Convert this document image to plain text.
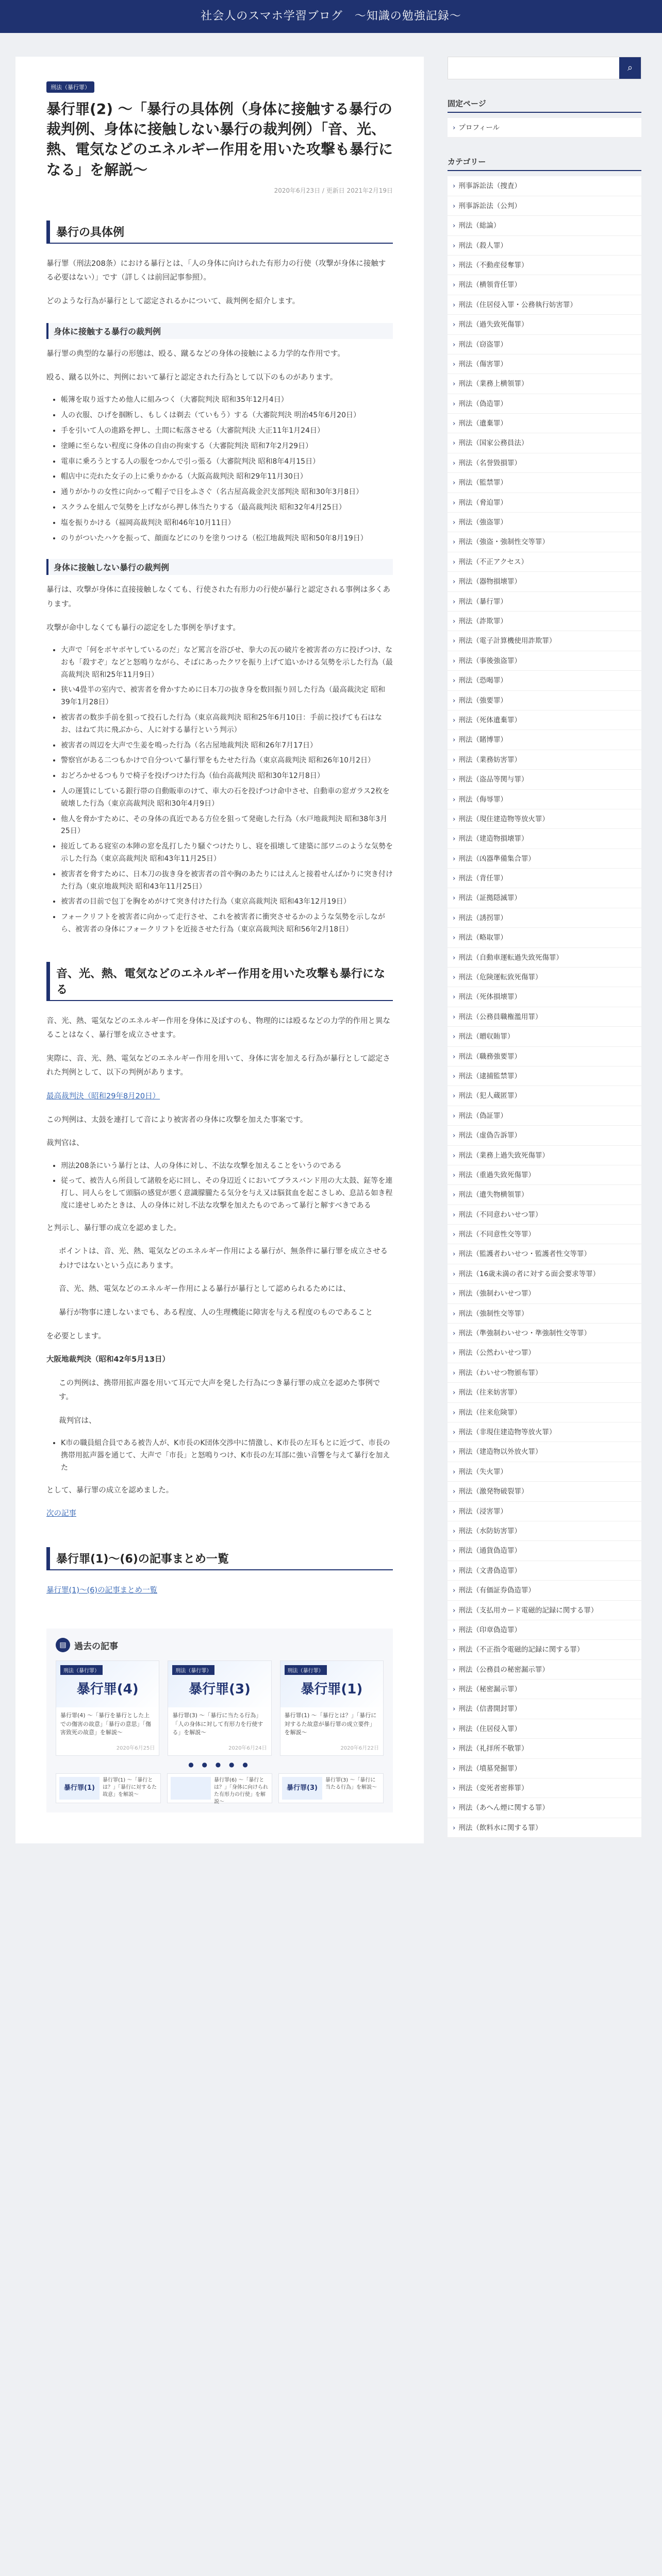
社会人のスマホ学習ブログ　〜知識の勉強記録〜
刑法（暴行罪）
暴行罪(2) 〜「暴行の具体例（身体に接触する暴行の裁判例、身体に接触しない暴行の裁判例）「音、光、熱、電気などのエネルギー作用を用いた攻撃も暴行になる」を解説〜
2020年6月23日 / 更新日 2021年2月19日
暴行の具体例

暴行罪（刑法208条）における暴行とは、「人の身体に向けられた有形力の行使（攻撃が身体に接触する必要はない）」です（詳しくは前回記事参照）。

どのような行為が暴行として認定されるかについて、裁判例を紹介します。

身体に接触する暴行の裁判例

暴行罪の典型的な暴行の形態は、殴る、蹴るなどの身体の接触による力学的な作用です。

殴る、蹴る以外に、判例において暴行と認定された行為として以下のものがあります。

• 帳簿を取り返すため他人に組みつく（大審院判決 昭和35年12月4日）
• 人の衣服、ひげを掴断し、もしくは剃去（ていもう）する（大審院判決 明治45年6月20日）
• 手を引いて人の進路を押し、土間に転落させる（大審院判決 大正11年1月24日）
• 塗睡に至らない程度に身体の自由の拘束する（大審院判決 昭和7年2月29日）
• 電車に乗ろうとする人の服をつかんで引っ張る（大審院判決 昭和8年4月15日）
• 帽店中に売れた女子の上に乗りかかる（大阪高裁判決 昭和29年11月30日）
• 通りがかりの女性に向かって帽子で日をふさぐ（名古屋高裁金沢支部判決 昭和30年3月8日）
• スクラムを組んで気勢を上げながら押し体当たりする（最高裁判決 昭和32年4月25日）
• 塩を振りかける（福岡高裁判決 昭和46年10月11日）
• のりがついたハケを振って、顔面などにのりを塗りつける（松江地裁判決 昭和50年8月19日）
身体に接触しない暴行の裁判例

暴行は、攻撃が身体に直接接触しなくても、行使された有形力の行使が暴行と認定される事例は多くあります。

攻撃が命中しなくても暴行の認定をした事例を挙げます。

• 大声で「何をボヤボヤしているのだ」など罵言を浴びせ、拳大の瓦の破片を被害者の方に投げつけ、なおも「殺すぞ」などと怒鳴りながら、そばにあったクワを振り上げて追いかける気勢を示した行為（最高裁判決 昭和25年11月9日）
• 狭い4畳半の室内で、被害者を脅かすために日本刀の抜き身を数回振り回した行為（最高裁決定 昭和39年1月28日）
• 被害者の数歩手前を狙って投石した行為（東京高裁判決 昭和25年6月10日：手前に投げても石はなお、はねて共に飛ぶから、人に対する暴行という判示）
• 被害者の周辺を大声で生姜を鳴った行為（名古屋地裁判決 昭和26年7月17日）
• 警察官がある二つもかけで自分ついて暴行罪をもたせた行為（東京高裁判決 昭和26年10月2日）
• おどろかせるつもりで椅子を投げつけた行為（仙台高裁判決 昭和30年12月8日）
• 人の運賃にしている銀行帯の自動販車のけて、車大の石を投げつけ命中させ、自動車の窓ガラス2枚を破壊した行為（東京高裁判決 昭和30年4月9日）
• 他人を脅かすために、その身体の真近である方位を狙って発砲した行為（水戸地裁判決 昭和38年3月25日）
• 接近してある寝室の本陣の窓を乱打したり騒ぐつけたりし、寝を損壊して建築に部ワニのような気勢を示した行為（東京高裁判決 昭和43年11月25日）
• 被害者を脅すために、日本刀の抜き身を被害者の首や胸のあたりにはえんと接着せんばかりに突き付けた行為（東京地裁判決 昭和43年11月25日）
• 被害者の目前で包丁を胸をめがけて突き付けた行為（東京高裁判決 昭和43年12月19日）
• フォークリフトを被害者に向かって走行させ、これを被害者に衝突させるかのような気勢を示しながら、被害者の身体にフォークリフトを近接させた行為（東京高裁判決 昭和56年2月18日）
音、光、熱、電気などのエネルギー作用を用いた攻撃も暴行になる

音、光、熱、電気などのエネルギー作用を身体に及ぼすのも、物理的には殴るなどの力学的作用と異なることはなく、暴行罪を成立させます。

実際に、音、光、熱、電気などのエネルギー作用を用いて、身体に害を加える行為が暴行として認定された判例として、以下の判例があります。

最高裁判決（昭和29年8月20日）

この判例は、太鼓を連打して音により被害者の身体に攻撃を加えた事案です。

裁判官は、

• 刑法208条にいう暴行とは、人の身体に対し、不法な攻撃を加えることをいうのである
• 従って、被告人ら所員して諸般を応に回し、その身辺近くにおいてブラスバンド用の大太鼓、鉦等を連打し、同人らをして頭脳の感覚が悪く意識朦朧たる気分を与え又は脳貧血を起こさしめ、息詰る如き程度に達せしめたときは、人の身体に対し不法な攻撃を加えたものであって暴行と解すべきである

と判示し、暴行罪の成立を認めました。

ポイントは、音、光、熱、電気などのエネルギー作用による暴行が、無条件に暴行罪を成立させるわけではないという点にあります。

音、光、熱、電気などのエネルギー作用による暴行が暴行として認められるためには、

暴行が物事に達しないまでも、ある程度、人の生理機能に障害を与える程度のものであること

を必要とします。

大阪地裁判決（昭和42年5月13日）

この判例は、携帯用拡声器を用いて耳元で大声を発した行為につき暴行罪の成立を認めた事例です。

裁判官は、

• K市の職員組合員である被告人が、K市長のK団体交渉中に情激し、K市長の左耳もとに近づて、市長の携帯用拡声器を通じて、大声で「市長」と怒鳴りつけ、K市長の左耳部に強い音響を与えて暴行を加えた

として、暴行罪の成立を認めました。

次の記事

暴行罪(1)〜(6)の記事まとめ一覧

暴行罪(1)〜(6)の記事まとめ一覧

▤ 過去の記事
刑法（暴行罪）
暴行罪(4)
暴行罪(4) 〜「暴行を暴行とした上での傷害の故意」「暴行の意思」「傷害致死の故意」を解説〜
2020年6月25日
刑法（暴行罪）
暴行罪(3)
暴行罪(3) 〜「暴行に当たる行為」「人の身体に対して有形力を行使する」を解説〜
2020年6月24日
刑法（暴行罪）
暴行罪(1)
暴行罪(1) 〜「暴行とは？」「暴行に対するた故意が暴行罪の成立要件」を解説〜
2020年6月22日
● ● ● ● ●
暴行罪(1)
暴行罪(1) 〜「暴行とは？」「暴行に対するた故意」を解説〜
暴行罪(6) 〜「暴行とは？」「身体に向けられた有形力の行使」を解説〜
暴行罪(3)
暴行罪(3) 〜「暴行に当たる行為」を解説〜
⌕
固定ページ
› プロフィール
カテゴリー
› 刑事訴訟法（捜査）
› 刑事訴訟法（公判）
› 刑法（総論）
› 刑法（殺人罪）
› 刑法（不動産侵奪罪）
› 刑法（横領背任罪）
› 刑法（住居侵入罪・公務執行妨害罪）
› 刑法（過失致死傷罪）
› 刑法（窃盗罪）
› 刑法（傷害罪）
› 刑法（業務上横領罪）
› 刑法（偽造罪）
› 刑法（遺棄罪）
› 刑法（国家公務員法）
› 刑法（名誉毀損罪）
› 刑法（監禁罪）
› 刑法（脅迫罪）
› 刑法（強盗罪）
› 刑法（強盗・強制性交等罪）
› 刑法（不正アクセス）
› 刑法（器物損壊罪）
› 刑法（暴行罪）
› 刑法（詐欺罪）
› 刑法（電子計算機使用詐欺罪）
› 刑法（事後強盗罪）
› 刑法（恐喝罪）
› 刑法（強要罪）
› 刑法（死体遺棄罪）
› 刑法（賭博罪）
› 刑法（業務妨害罪）
› 刑法（盗品等関与罪）
› 刑法（侮辱罪）
› 刑法（現住建造物等放火罪）
› 刑法（建造物損壊罪）
› 刑法（凶器準備集合罪）
› 刑法（背任罪）
› 刑法（証拠隠滅罪）
› 刑法（誘拐罪）
› 刑法（略取罪）
› 刑法（自動車運転過失致死傷罪）
› 刑法（危険運転致死傷罪）
› 刑法（死体損壊罪）
› 刑法（公務員職権濫用罪）
› 刑法（贈収賄罪）
› 刑法（職務強要罪）
› 刑法（逮捕監禁罪）
› 刑法（犯人蔵匿罪）
› 刑法（偽証罪）
› 刑法（虚偽告訴罪）
› 刑法（業務上過失致死傷罪）
› 刑法（重過失致死傷罪）
› 刑法（遺失物横領罪）
› 刑法（不同意わいせつ罪）
› 刑法（不同意性交等罪）
› 刑法（監護者わいせつ・監護者性交等罪）
› 刑法（16歳未満の者に対する面会要求等罪）
› 刑法（強制わいせつ罪）
› 刑法（強制性交等罪）
› 刑法（準強制わいせつ・準強制性交等罪）
› 刑法（公然わいせつ罪）
› 刑法（わいせつ物頒布罪）
› 刑法（往来妨害罪）
› 刑法（往来危険罪）
› 刑法（非現住建造物等放火罪）
› 刑法（建造物以外放火罪）
› 刑法（失火罪）
› 刑法（激発物破裂罪）
› 刑法（浸害罪）
› 刑法（水防妨害罪）
› 刑法（通貨偽造罪）
› 刑法（文書偽造罪）
› 刑法（有価証券偽造罪）
› 刑法（支払用カード電磁的記録に関する罪）
› 刑法（印章偽造罪）
› 刑法（不正指令電磁的記録に関する罪）
› 刑法（公務員の秘密漏示罪）
› 刑法（秘密漏示罪）
› 刑法（信書開封罪）
› 刑法（住居侵入罪）
› 刑法（礼拝所不敬罪）
› 刑法（墳墓発掘罪）
› 刑法（変死者密葬罪）
› 刑法（あへん煙に関する罪）
› 刑法（飲料水に関する罪）
